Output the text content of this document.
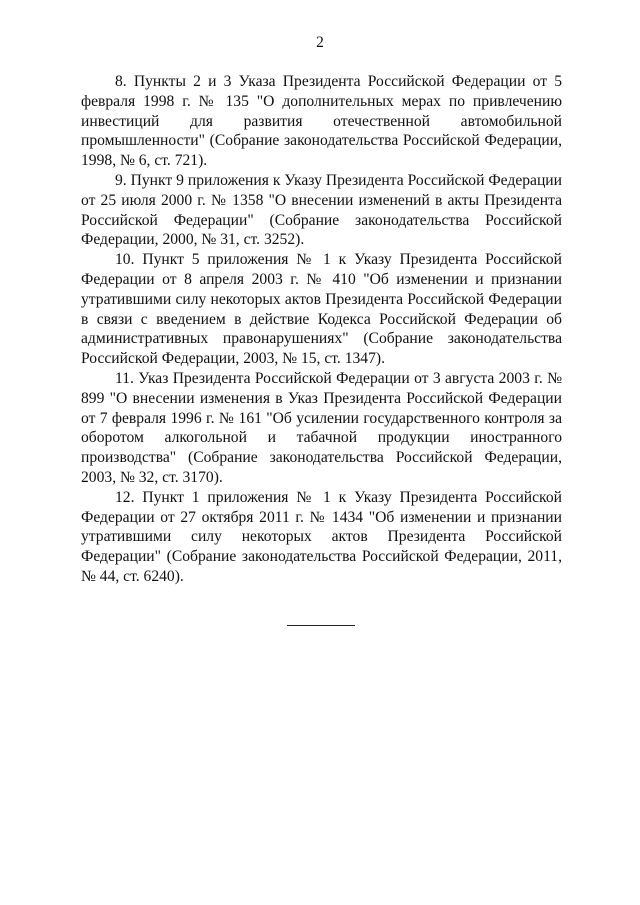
2

8. Пункты 2 и 3 Указа Президента Российской Федерации от 5 февраля 1998 г. № 135 "О дополнительных мерах по привлечению инвестиций для развития отечественной автомобильной промышленности" (Собрание законодательства Российской Федерации, 1998, № 6, ст. 721).

9. Пункт 9 приложения к Указу Президента Российской Федерации от 25 июля 2000 г. № 1358 "О внесении изменений в акты Президента Российской Федерации" (Собрание законодательства Российской Федерации, 2000, № 31, ст. 3252).

10. Пункт 5 приложения № 1 к Указу Президента Российской Федерации от 8 апреля 2003 г. № 410 "Об изменении и признании утратившими силу некоторых актов Президента Российской Федерации в связи с введением в действие Кодекса Российской Федерации об административных правонарушениях" (Собрание законодательства Российской Федерации, 2003, № 15, ст. 1347).

11. Указ Президента Российской Федерации от 3 августа 2003 г. № 899 "О внесении изменения в Указ Президента Российской Федерации от 7 февраля 1996 г. № 161 "Об усилении государственного контроля за оборотом алкогольной и табачной продукции иностранного производства" (Собрание законодательства Российской Федерации, 2003, № 32, ст. 3170).

12. Пункт 1 приложения № 1 к Указу Президента Российской Федерации от 27 октября 2011 г. № 1434 "Об изменении и признании утратившими силу некоторых актов Президента Российской Федерации" (Собрание законодательства Российской Федерации, 2011, № 44, ст. 6240).
